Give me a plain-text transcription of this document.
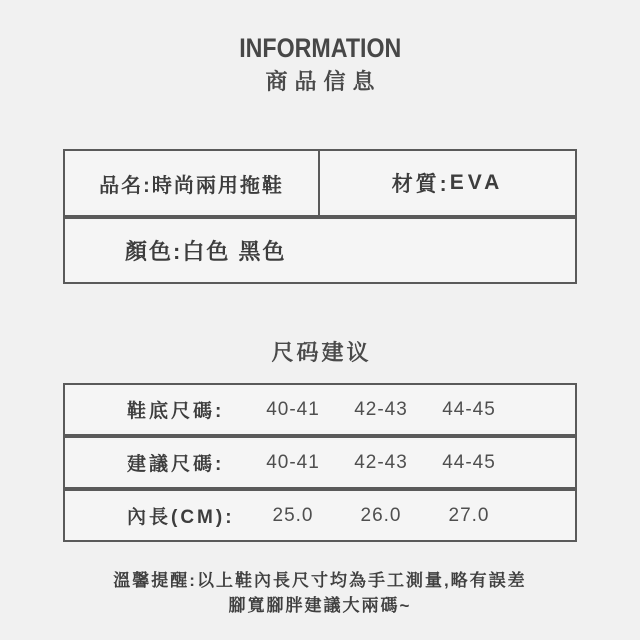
INFORMATION
商品信息
品名: 時尚兩用拖鞋	材質: EVA
顏色: 白色 黑色
尺码建议
鞋底尺碼:	40-41	42-43	44-45
建議尺碼:	40-41	42-43	44-45
內長(CM):	25.0	26.0	27.0
溫馨提醒:以上鞋內長尺寸均為手工測量,略有誤差
腳寬腳胖建議大兩碼~
